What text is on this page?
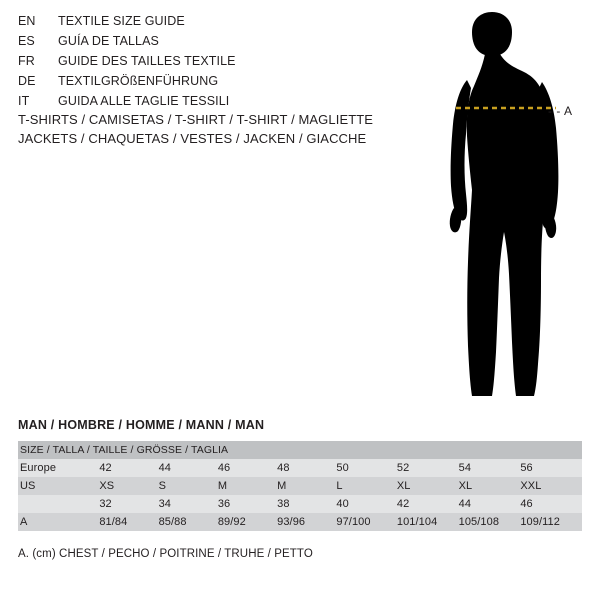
EN	TEXTILE SIZE GUIDE
ES	GUÍA DE TALLAS
FR	GUIDE DES TAILLES TEXTILE
DE	TEXTILGRÖßENFÜHRUNG
IT	GUIDA ALLE TAGLIE TESSILI
T-SHIRTS / CAMISETAS / T-SHIRT / T-SHIRT / MAGLIETTE
JACKETS / CHAQUETAS / VESTES / JACKEN / GIACCHE
- - A
MAN / HOMBRE / HOMME / MANN / MAN
SIZE / TALLA / TAILLE / GRÖSSE / TAGLIA								
Europe	42	44	46	48	50	52	54	56
US	XS	S	M	M	L	XL	XL	XXL
	32	34	36	38	40	42	44	46
A	81/84	85/88	89/92	93/96	97/100	101/104	105/108	109/112
A. (cm) CHEST / PECHO / POITRINE / TRUHE / PETTO
